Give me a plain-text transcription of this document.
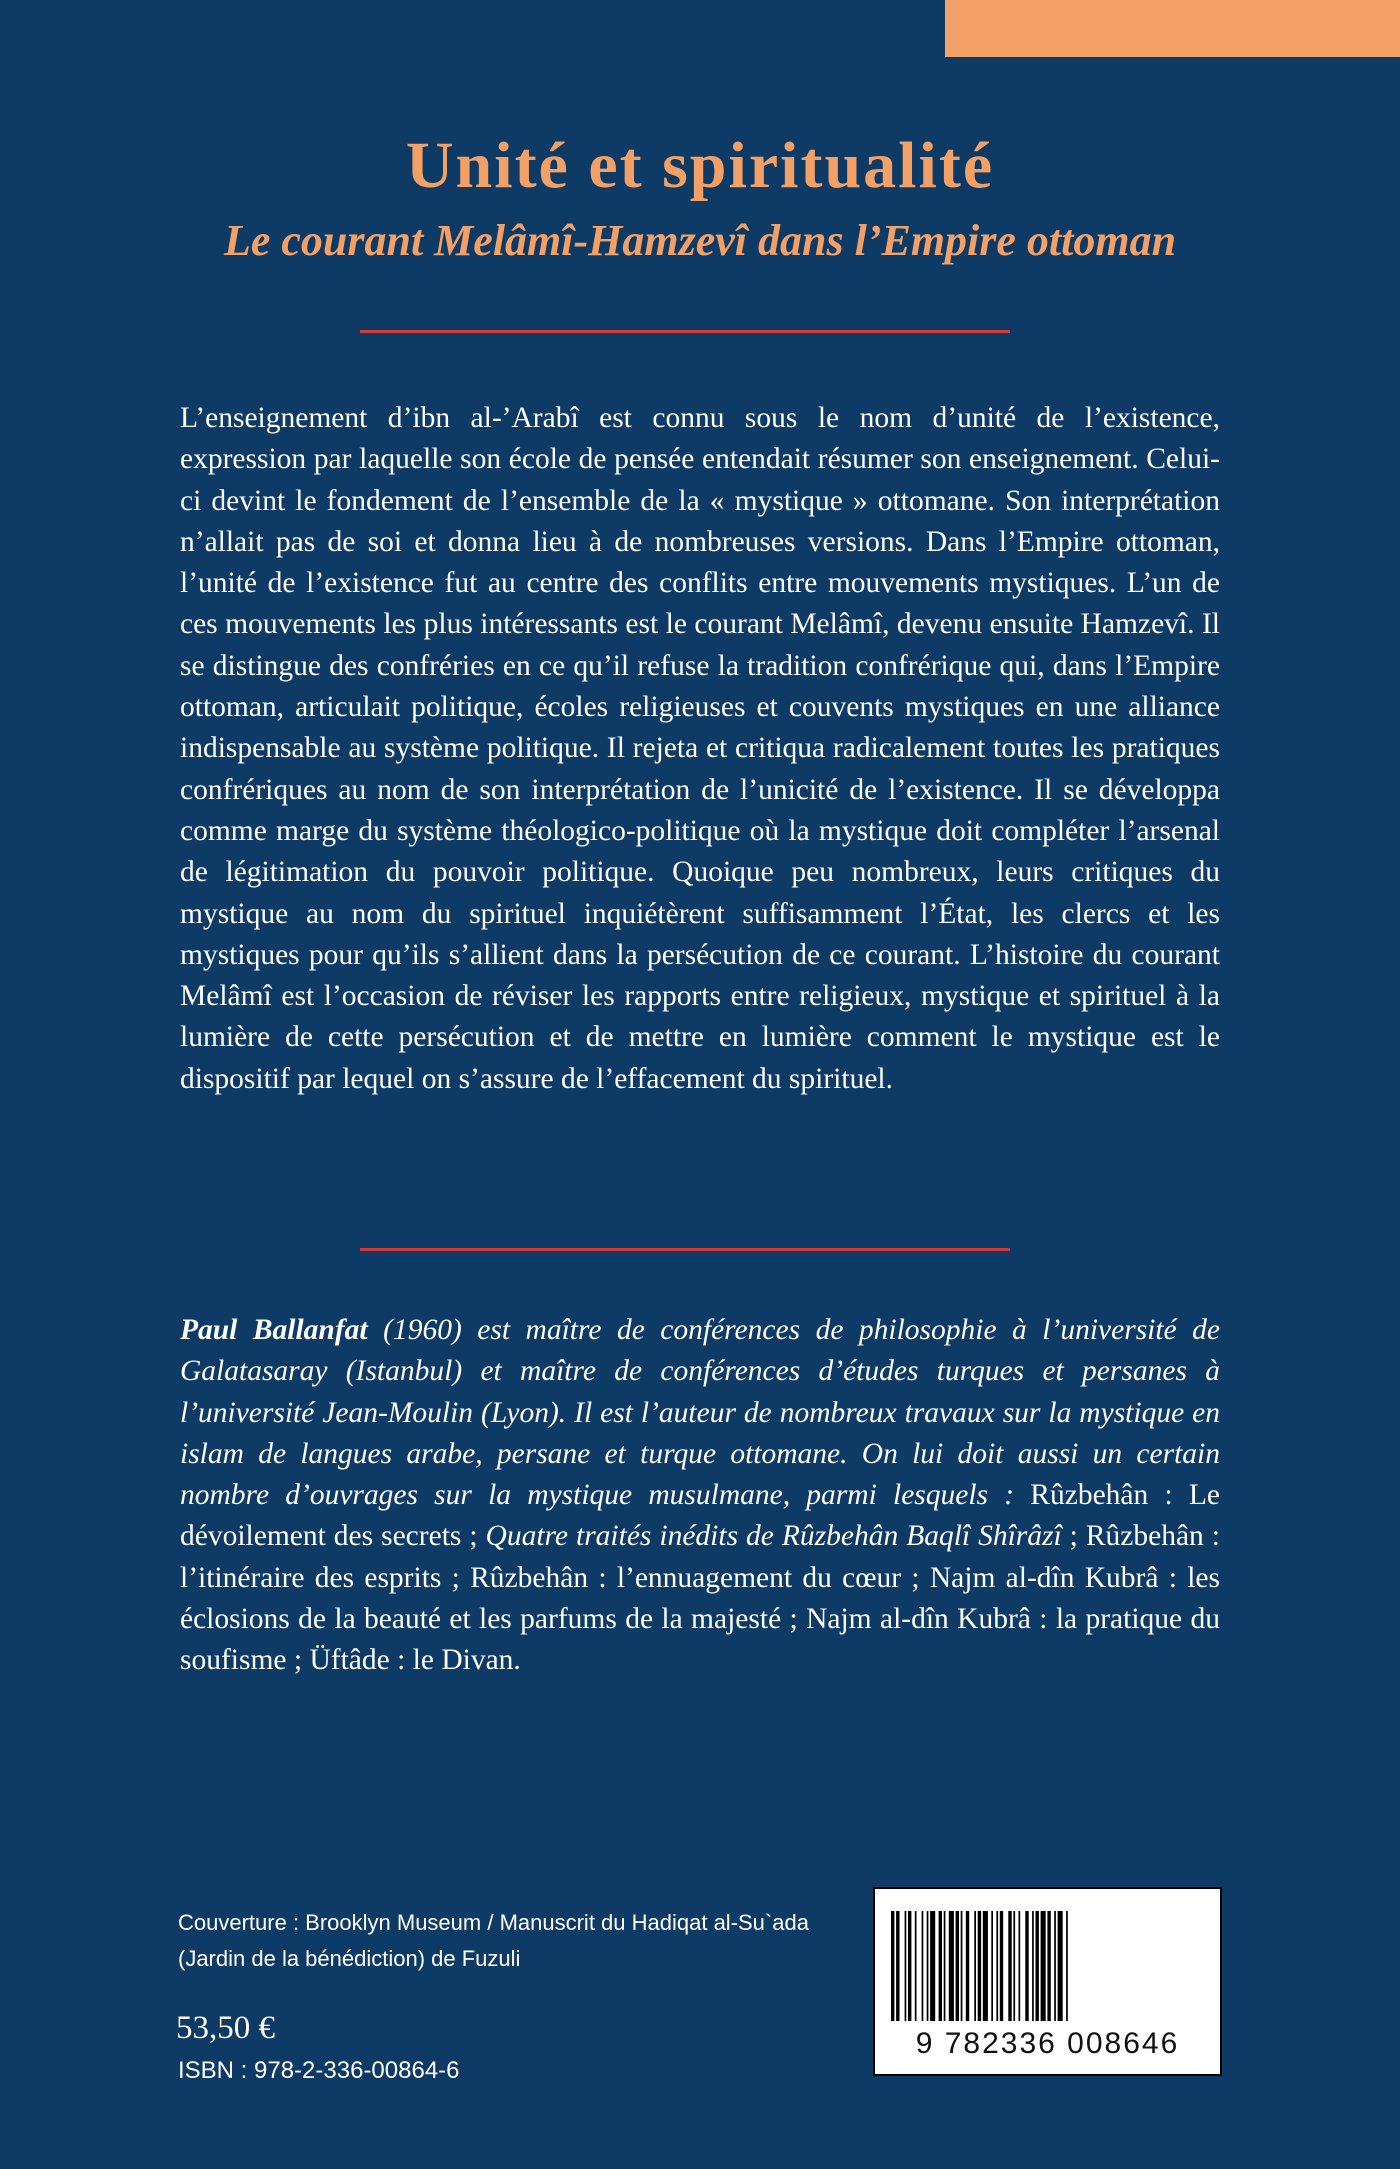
Unité et spiritualité
Le courant Melâmî-Hamzevî dans l’Empire ottoman
L’enseignement d’ibn al-’Arabî est connu sous le nom d’unité de l’existence, expression par laquelle son école de pensée entendait résumer son enseignement. Celui-ci devint le fondement de l’ensemble de la « mystique » ottomane. Son interprétation n’allait pas de soi et donna lieu à de nombreuses versions. Dans l’Empire ottoman, l’unité de l’existence fut au centre des conflits entre mouvements mystiques. L’un de ces mouvements les plus intéressants est le courant Melâmî, devenu ensuite Hamzevî. Il se distingue des confréries en ce qu’il refuse la tradition confrérique qui, dans l’Empire ottoman, articulait politique, écoles religieuses et couvents mystiques en une alliance indispensable au système politique. Il rejeta et critiqua radicalement toutes les pratiques confrériques au nom de son interprétation de l’unicité de l’existence. Il se développa comme marge du système théologico-politique où la mystique doit compléter l’arsenal de légitimation du pouvoir politique. Quoique peu nombreux, leurs critiques du mystique au nom du spirituel inquiétèrent suffisamment l’État, les clercs et les mystiques pour qu’ils s’allient dans la persécution de ce courant. L’histoire du courant Melâmî est l’occasion de réviser les rapports entre religieux, mystique et spirituel à la lumière de cette persécution et de mettre en lumière comment le mystique est le dispositif par lequel on s’assure de l’effacement du spirituel.
Paul Ballanfat (1960) est maître de conférences de philosophie à l’université de Galatasaray (Istanbul) et maître de conférences d’études turques et persanes à l’université Jean-Moulin (Lyon). Il est l’auteur de nombreux travaux sur la mystique en islam de langues arabe, persane et turque ottomane. On lui doit aussi un certain nombre d’ouvrages sur la mystique musulmane, parmi lesquels : Rûzbehân : Le dévoilement des secrets ; Quatre traités inédits de Rûzbehân Baqlî Shîrâzî ; Rûzbehân : l’itinéraire des esprits ; Rûzbehân : l’ennuagement du cœur ; Najm al-dîn Kubrâ : les éclosions de la beauté et les parfums de la majesté ; Najm al-dîn Kubrâ : la pratique du soufisme ; Üftâde : le Divan.
Couverture : Brooklyn Museum / Manuscrit du Hadiqat al-Su`ada
(Jardin de la bénédiction) de Fuzuli
53,50 €
ISBN : 978-2-336-00864-6
9 782336 008646
